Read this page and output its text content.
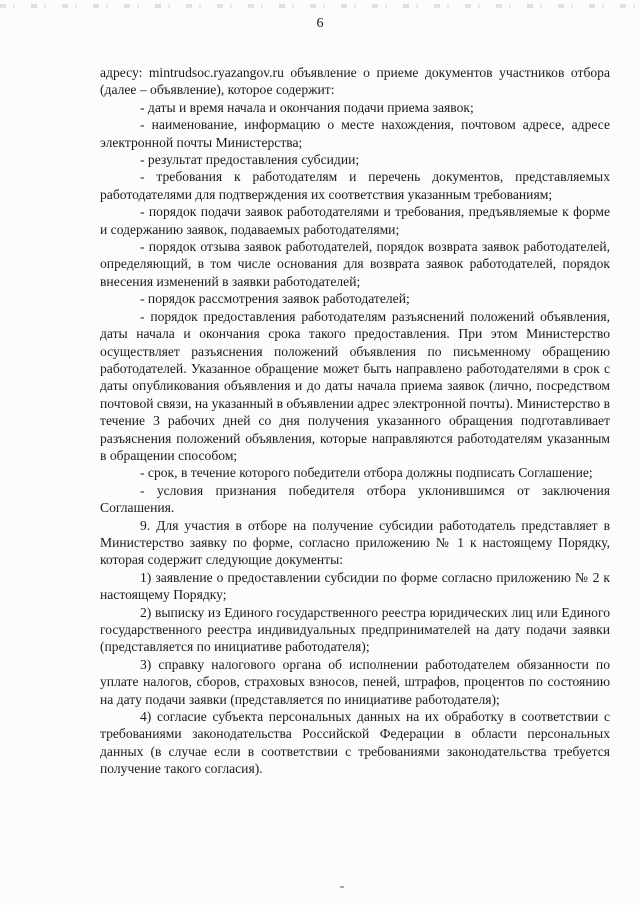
6

адресу: mintrudsoc.ryazangov.ru объявление о приеме документов участников отбора (далее – объявление), которое содержит:

- даты и время начала и окончания подачи приема заявок;

- наименование, информацию о месте нахождения, почтовом адресе, адресе электронной почты Министерства;

- результат предоставления субсидии;

- требования к работодателям и перечень документов, представляемых работодателями для подтверждения их соответствия указанным требованиям;

- порядок подачи заявок работодателями и требования, предъявляемые к форме и содержанию заявок, подаваемых работодателями;

- порядок отзыва заявок работодателей, порядок возврата заявок работодателей, определяющий, в том числе основания для возврата заявок работодателей, порядок внесения изменений в заявки работодателей;

- порядок рассмотрения заявок работодателей;

- порядок предоставления работодателям разъяснений положений объявления, даты начала и окончания срока такого предоставления. При этом Министерство осуществляет разъяснения положений объявления по письменному обращению работодателей. Указанное обращение может быть направлено работодателями в срок с даты опубликования объявления и до даты начала приема заявок (лично, посредством почтовой связи, на указанный в объявлении адрес электронной почты). Министерство в течение 3 рабочих дней со дня получения указанного обращения подготавливает разъяснения положений объявления, которые направляются работодателям указанным в обращении способом;

- срок, в течение которого победители отбора должны подписать Соглашение;

- условия признания победителя отбора уклонившимся от заключения Соглашения.

9. Для участия в отборе на получение субсидии работодатель представляет в Министерство заявку по форме, согласно приложению № 1 к настоящему Порядку, которая содержит следующие документы:

1) заявление о предоставлении субсидии по форме согласно приложению № 2 к настоящему Порядку;

2) выписку из Единого государственного реестра юридических лиц или Единого государственного реестра индивидуальных предпринимателей на дату подачи заявки (представляется по инициативе работодателя);

3) справку налогового органа об исполнении работодателем обязанности по уплате налогов, сборов, страховых взносов, пеней, штрафов, процентов по состоянию на дату подачи заявки (представляется по инициативе работодателя);

4) согласие субъекта персональных данных на их обработку в соответствии с требованиями законодательства Российской Федерации в области персональных данных (в случае если в соответствии с требованиями законодательства требуется получение такого согласия).
